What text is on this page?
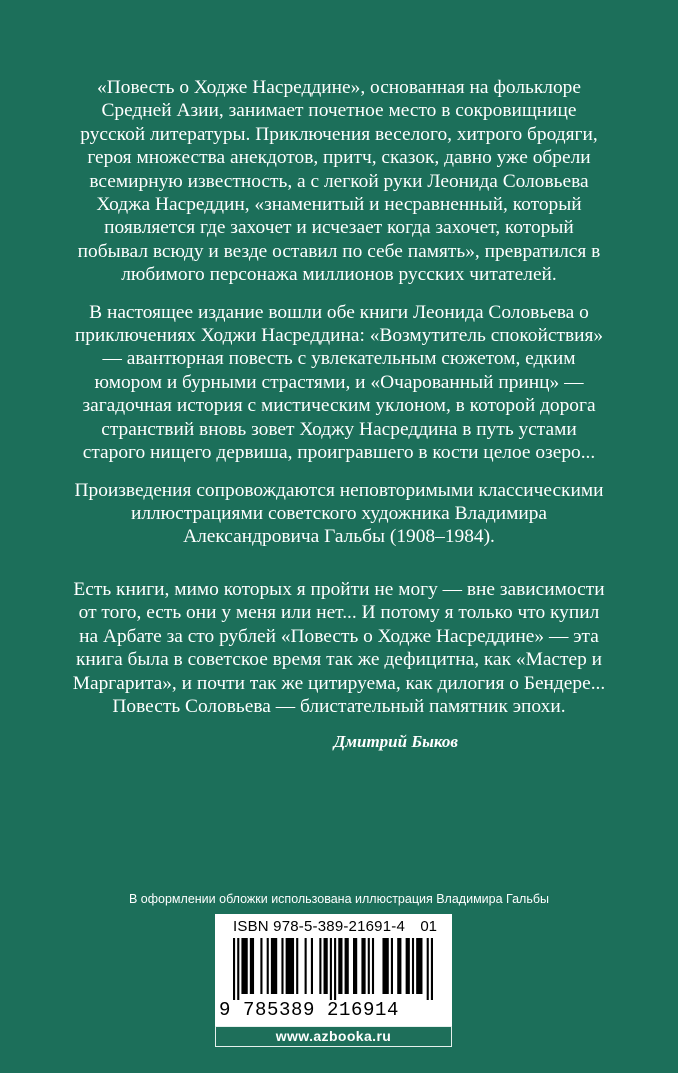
«Повесть о Ходже Насреддине», основанная на фольклоре Средней Азии, занимает почетное место в сокровищнице русской литературы. Приключения веселого, хитрого бродяги, героя множества анекдотов, притч, сказок, давно уже обрели всемирную известность, а с легкой руки Леонида Соловьева Ходжа Насреддин, «знаменитый и несравненный, который появляется где захочет и исчезает когда захочет, который побывал всюду и везде оставил по себе память», превратился в любимого персонажа миллионов русских читателей.

В настоящее издание вошли обе книги Леонида Соловьева о приключениях Ходжи Насреддина: «Возмутитель спокойствия» — авантюрная повесть с увлекательным сюжетом, едким юмором и бурными страстями, и «Очарованный принц» — загадочная история с мистическим уклоном, в которой дорога странствий вновь зовет Ходжу Насреддина в путь устами старого нищего дервиша, проигравшего в кости целое озеро...

Произведения сопровождаются неповторимыми классическими иллюстрациями советского художника Владимира Александровича Гальбы (1908–1984).

Есть книги, мимо которых я пройти не могу — вне зависимости от того, есть они у меня или нет... И потому я только что купил на Арбате за сто рублей «Повесть о Ходже Насреддине» — эта книга была в советское время так же дефицитна, как «Мастер и Маргарита», и почти так же цитируема, как дилогия о Бендере... Повесть Соловьева — блистательный памятник эпохи.

Дмитрий Быков

В оформлении обложки использована иллюстрация Владимира Гальбы
ISBN 978-5-389-21691-4 01
9 785389 216914
www.azbooka.ru
